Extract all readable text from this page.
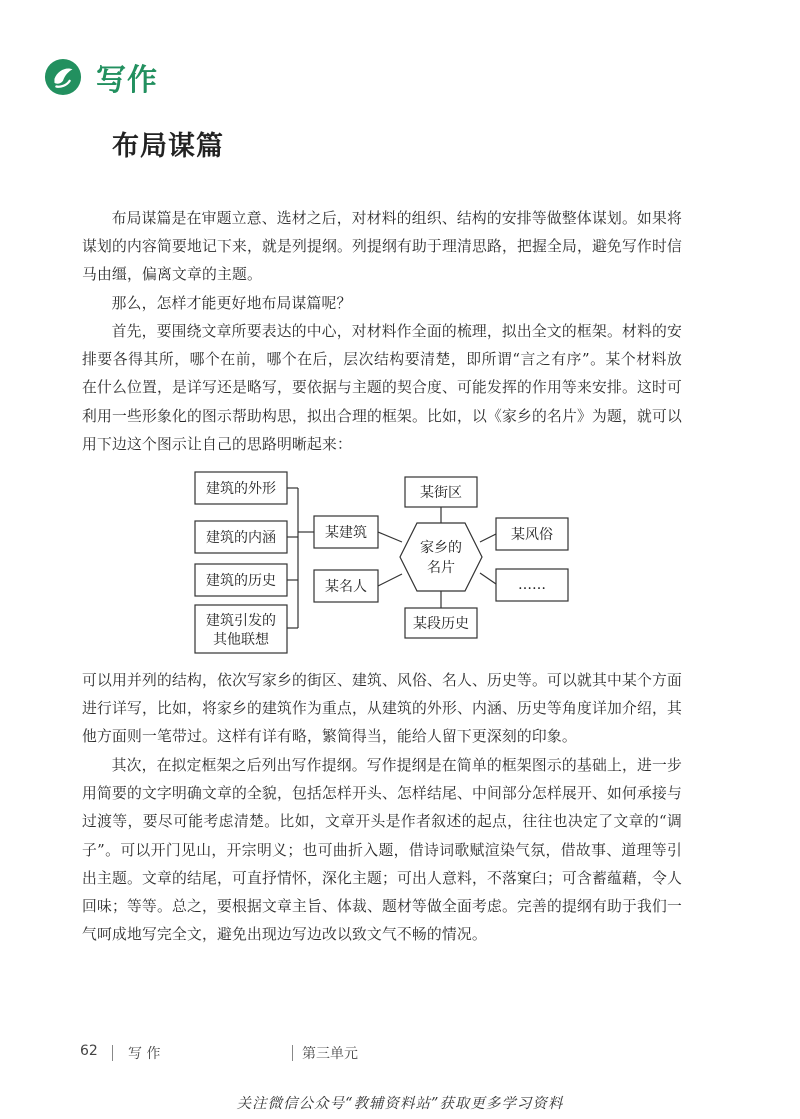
写作
布局谋篇

布局谋篇是在审题立意、选材之后，对材料的组织、结构的安排等做整体谋划。如果将谋划的内容简要地记下来，就是列提纲。列提纲有助于理清思路，把握全局，避免写作时信马由缰，偏离文章的主题。

那么，怎样才能更好地布局谋篇呢？

首先，要围绕文章所要表达的中心，对材料作全面的梳理，拟出全文的框架。材料的安排要各得其所，哪个在前，哪个在后，层次结构要清楚，即所谓“言之有序”。某个材料放在什么位置，是详写还是略写，要依据与主题的契合度、可能发挥的作用等来安排。这时可利用一些形象化的图示帮助构思，拟出合理的框架。比如，以《家乡的名片》为题，就可以用下边这个图示让自己的思路明晰起来：

建筑的外形
建筑的内涵
建筑的历史
建筑引发的
其他联想
某建筑
某名人
家乡的
名片
某街区
某段历史
某风俗
……

可以用并列的结构，依次写家乡的街区、建筑、风俗、名人、历史等。可以就其中某个方面进行详写，比如，将家乡的建筑作为重点，从建筑的外形、内涵、历史等角度详加介绍，其他方面则一笔带过。这样有详有略，繁简得当，能给人留下更深刻的印象。

其次，在拟定框架之后列出写作提纲。写作提纲是在简单的框架图示的基础上，进一步用简要的文字明确文章的全貌，包括怎样开头、怎样结尾、中间部分怎样展开、如何承接与过渡等，要尽可能考虑清楚。比如，文章开头是作者叙述的起点，往往也决定了文章的“调子”。可以开门见山，开宗明义；也可曲折入题，借诗词歌赋渲染气氛，借故事、道理等引出主题。文章的结尾，可直抒情怀，深化主题；可出人意料，不落窠臼；可含蓄蕴藉，令人回味；等等。总之，要根据文章主旨、体裁、题材等做全面考虑。完善的提纲有助于我们一气呵成地写完全文，避免出现边写边改以致文气不畅的情况。

62 写 作	第三单元
关注微信公众号“教辅资料站”获取更多学习资料
